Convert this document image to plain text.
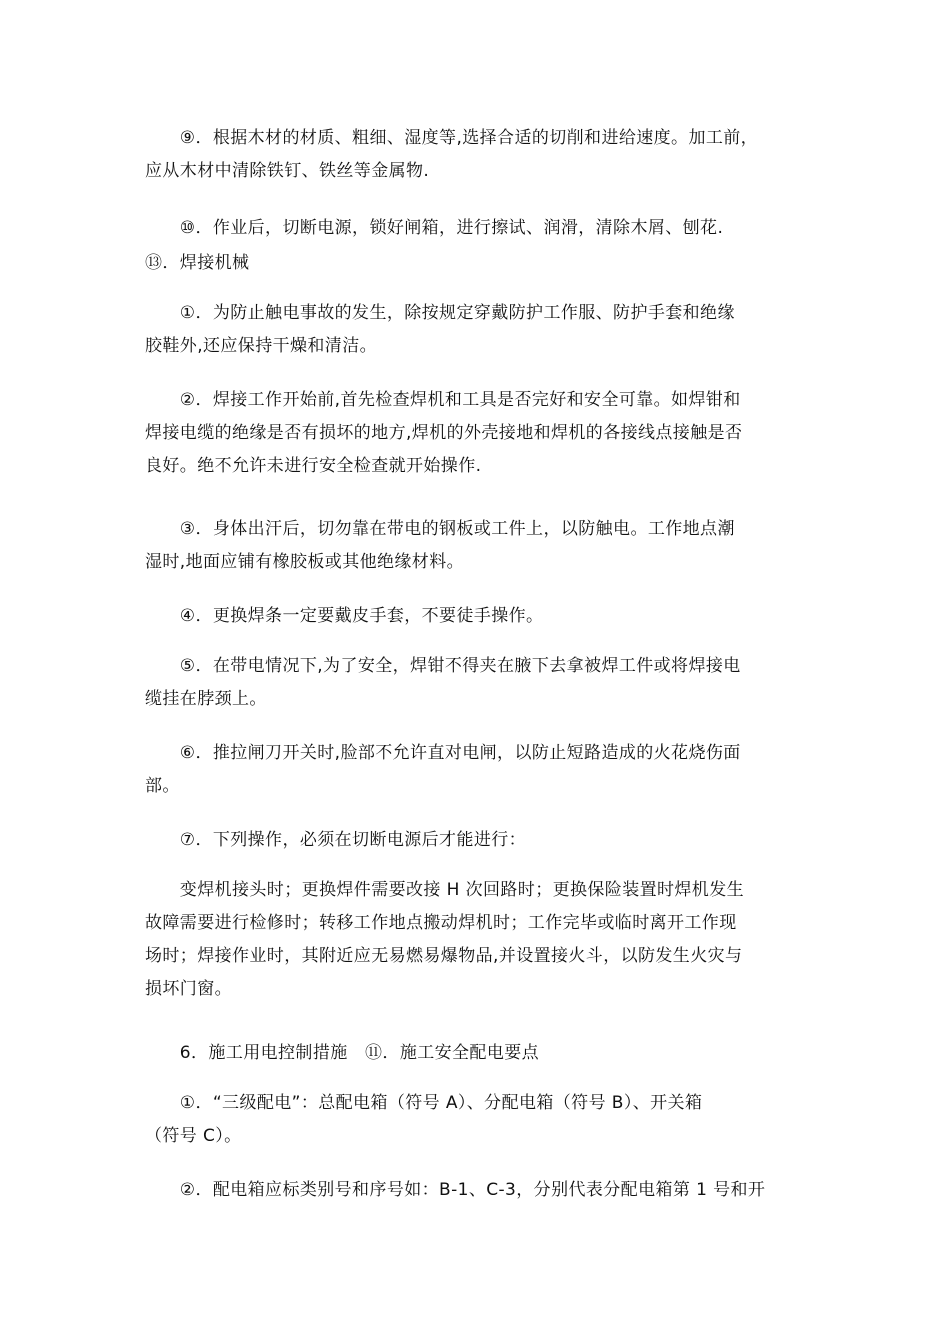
　　⑨．根据木材的材质、粗细、湿度等,选择合适的切削和进给速度。加工前，
应从木材中清除铁钉、铁丝等金属物.
　　⑩．作业后，切断电源，锁好闸箱，进行擦试、润滑，清除木屑、刨花.
⑬．焊接机械
　　①．为防止触电事故的发生，除按规定穿戴防护工作服、防护手套和绝缘
胶鞋外,还应保持干燥和清洁。
　　②．焊接工作开始前,首先检查焊机和工具是否完好和安全可靠。如焊钳和
焊接电缆的绝缘是否有损坏的地方,焊机的外壳接地和焊机的各接线点接触是否
良好。绝不允许未进行安全检查就开始操作.
　　③．身体出汗后，切勿靠在带电的钢板或工件上，以防触电。工作地点潮
湿时,地面应铺有橡胶板或其他绝缘材料。
　　④．更换焊条一定要戴皮手套，不要徒手操作。
　　⑤．在带电情况下,为了安全，焊钳不得夹在腋下去拿被焊工件或将焊接电
缆挂在脖颈上。
　　⑥．推拉闸刀开关时,脸部不允许直对电闸，以防止短路造成的火花烧伤面
部。
　　⑦．下列操作，必须在切断电源后才能进行：
　　变焊机接头时；更换焊件需要改接 H 次回路时；更换保险装置时焊机发生
故障需要进行检修时；转移工作地点搬动焊机时；工作完毕或临时离开工作现
场时；焊接作业时，其附近应无易燃易爆物品,并设置接火斗，以防发生火灾与
损坏门窗。
　　6．施工用电控制措施　⑪．施工安全配电要点
　　①．“三级配电”：总配电箱（符号 A）、分配电箱（符号 B）、开关箱
（符号 C）。
　　②．配电箱应标类别号和序号如：B-1、C-3，分别代表分配电箱第 1 号和开
